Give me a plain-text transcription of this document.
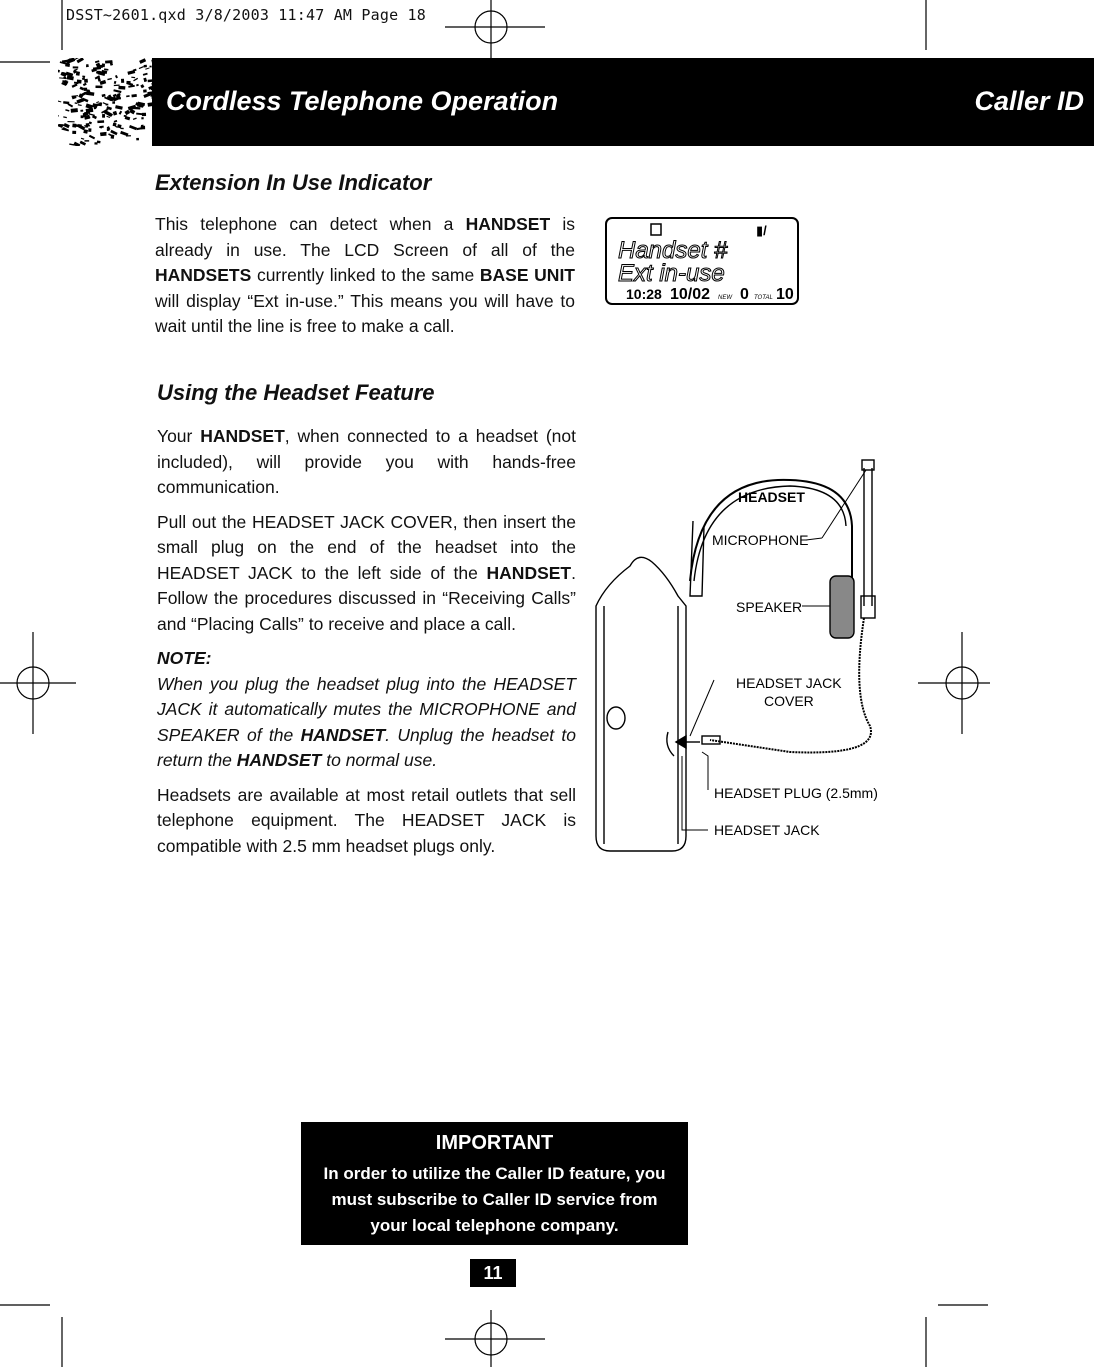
DSST~2601.qxd 3/8/2003 11:47 AM Page 18
Cordless Telephone Operation	Caller ID
Extension In Use Indicator
This telephone can detect when a HANDSET is already in use. The LCD Screen of all of the HANDSETS currently linked to the same BASE UNIT will display “Ext in-use.” This means you will have to wait until the line is free to make a call.
▮/
Handset #
Ext in-use
10:28 10/02 NEW 0 TOTAL 10
Using the Headset Feature
Your HANDSET, when connected to a headset (not included), will provide you with hands-free communication.
Pull out the HEADSET JACK COVER, then insert the small plug on the end of the headset into the HEADSET JACK to the left side of the HANDSET. Follow the procedures discussed in “Receiving Calls” and “Placing Calls” to receive and place a call.
NOTE:
When you plug the headset plug into the HEADSET JACK it automatically mutes the MICROPHONE and SPEAKER of the HANDSET. Unplug the headset to return the HANDSET to normal use.
Headsets are available at most retail outlets that sell telephone equipment. The HEADSET JACK is compatible with 2.5 mm headset plugs only.
HEADSET
MICROPHONE
SPEAKER
HEADSET JACK
COVER
HEADSET PLUG (2.5mm)
HEADSET JACK
IMPORTANT
In order to utilize the Caller ID feature, you must subscribe to Caller ID service from your local telephone company.
11
